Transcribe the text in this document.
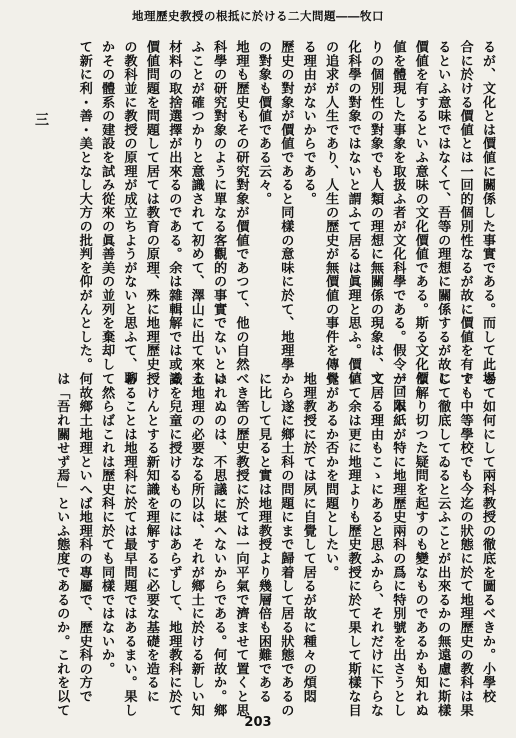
地理歷史教授の根抵に於ける二大問題――牧口
るが、文化とは價値に關係した事實である。而して此場
合に於ける價値とは一回的個別性なるが故に價値を有す
るといふ意味ではなくて、吾等の理想に關係するが故に
價値を有するといふ意味の文化價値である。斯る文化價
値を體現した事象を取扱ふ者が文化科學である。假令一回限
りの個別性の對象でも人類の理想に無關係の現象は、文
化科學の對象ではないと謂ふて居るは眞理と思ふ。價値
の追求が人生であり、人生の歷史が無價値の事件を傳へ
る理由がないからである。
歷史の對象が價値であると同樣の意味に於て、地理學
の對象も價値である云々。
地理も歷史もその研究對象が價値であつて、他の自然
科學の研究對象のように單なる客觀的の事實でないとい
ふことが確つかりと意識されて初めて、澤山に出て來る
材料の取捨選擇が出來るのである。余は雜輯解では或る
價値問題を問題して居ては教育の原理、殊に地理歷史
の教科並に教授の原理が成立ちようがないと思ふて、聊
かその體系の建設を試み從來の眞善美の並列を棄却し
て新に利・善・美となし大方の批判を仰がんとした。
三
さて如何にして兩科教授の徹底を圖るべきか。小學校
でも中等學校でも今迄の狀態に於て地理歷史の教科は果
して徹底してゐると云ふことが出來るかの無遠慮に斯樣
な解り切つた疑問を起すのも變なものであるかも知れぬ
が、本紙が特に地理歷史兩科の爲に特別號を出さうとし
て居る理由もこゝにあると思ふから、それだけに下らな
いて余は更に地理よりも歷史教授に於て果して斯樣な目
覺があるか否かを問題としたい。
地理教授に於ては夙に自覺して居るが故に種々の煩悶
から遂に鄉土科の問題にまで歸着して居る狀態であるの
に比して見ると實は地理教授より幾層倍も困難である
べき筈の歷史教授に於ては一向平氣で濟ませて置くと思
はれぬのは、不思議に堪へないからである。何故か。鄉
土地理の必要なる所以は、それが鄉土に於ける新しい知
識を兒童に授けるものにはあらずして、地理教科に於て
授けんとする新知識を理解するに必要な基礎を造るに
あることは地理科に於ては最早問題ではあるまい。果し
て然らばこれは歷史科に於ても同樣ではないか。
何故鄉土地理といへば地理科の專屬で、歷史科の方で
は「吾れ關せず焉」といふ態度であるのか。これを以て
203
